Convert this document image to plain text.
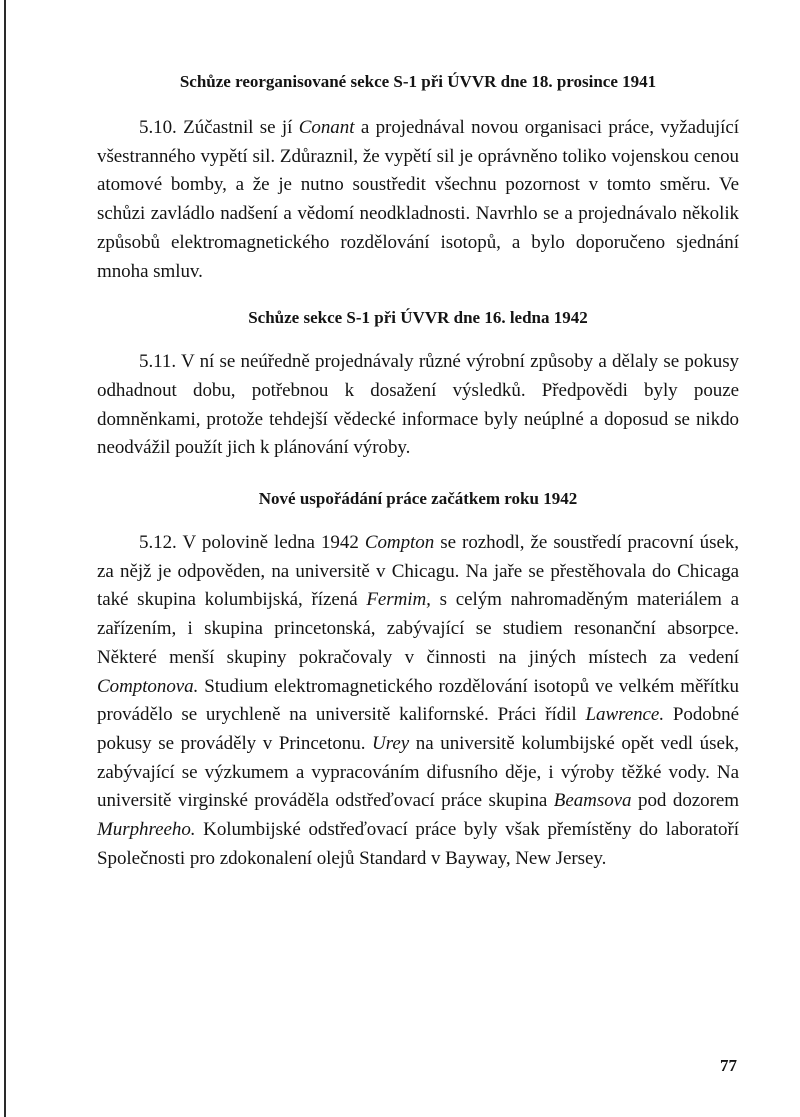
Schůze reorganisované sekce S-1 při ÚVVR dne 18. prosince 1941

5.10. Zúčastnil se jí Conant a projednával novou organisaci práce, vyžadující všestranného vypětí sil. Zdůraznil, že vypětí sil je oprávněno toliko vojenskou cenou atomové bomby, a že je nutno soustředit všechnu pozornost v tomto směru. Ve schůzi zavládlo nadšení a vědomí neodkladnosti. Navrhlo se a projednávalo několik způsobů elektromagnetického rozdělování isotopů, a bylo doporučeno sjednání mnoha smluv.

Schůze sekce S-1 při ÚVVR dne 16. ledna 1942

5.11. V ní se neúředně projednávaly různé výrobní způsoby a dělaly se pokusy odhadnout dobu, potřebnou k dosažení výsledků. Předpovědi byly pouze domněnkami, protože tehdejší vědecké informace byly neúplné a doposud se nikdo neodvážil použít jich k plánování výroby.

Nové uspořádání práce začátkem roku 1942

5.12. V polovině ledna 1942 Compton se rozhodl, že soustředí pracovní úsek, za nějž je odpověden, na universitě v Chicagu. Na jaře se přestěhovala do Chicaga také skupina kolumbijská, řízená Fermim, s celým nahromaděným materiálem a zařízením, i skupina princetonská, zabývající se studiem resonanční absorpce. Některé menší skupiny pokračovaly v činnosti na jiných místech za vedení Comptonova. Studium elektromagnetického rozdělování isotopů ve velkém měřítku provádělo se urychleně na universitě kalifornské. Práci řídil Lawrence. Podobné pokusy se prováděly v Princetonu. Urey na universitě kolumbijské opět vedl úsek, zabývající se výzkumem a vypracováním difusního děje, i výroby těžké vody. Na universitě virginské prováděla odstřeďovací práce skupina Beamsova pod dozorem Murphreeho. Kolumbijské odstřeďovací práce byly však přemístěny do laboratoří Společnosti pro zdokonalení olejů Standard v Bayway, New Jersey.

77
